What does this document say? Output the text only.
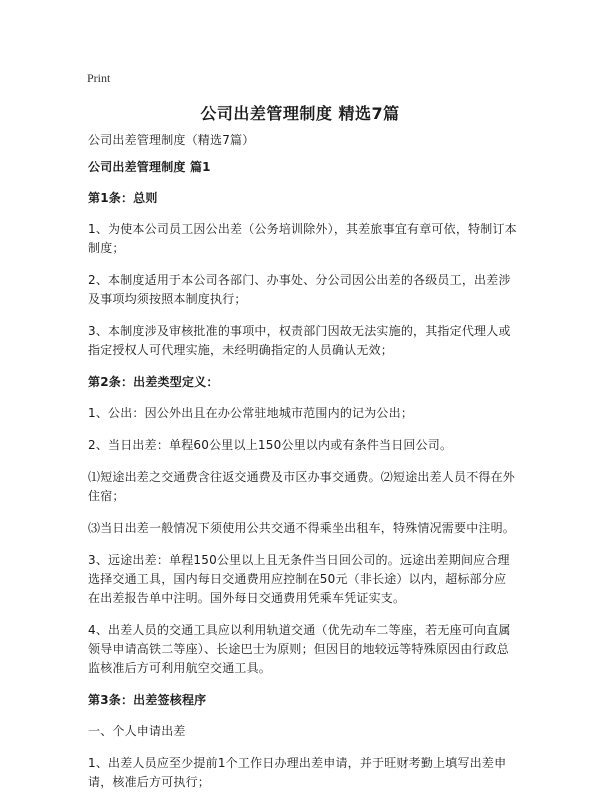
Print
公司出差管理制度 精选7篇

公司出差管理制度（精选7篇）

公司出差管理制度 篇1

第1条：总则

1、为使本公司员工因公出差（公务培训除外），其差旅事宜有章可依，特制订本制度；

2、本制度适用于本公司各部门、办事处、分公司因公出差的各级员工，出差涉及事项均须按照本制度执行；

3、本制度涉及审核批准的事项中，权责部门因故无法实施的，其指定代理人或指定授权人可代理实施，未经明确指定的人员确认无效；

第2条：出差类型定义：

1、公出：因公外出且在办公常驻地城市范围内的记为公出；

2、当日出差：单程60公里以上150公里以内或有条件当日回公司。

⑴短途出差之交通费含往返交通费及市区办事交通费。⑵短途出差人员不得在外住宿；

⑶当日出差一般情况下须使用公共交通不得乘坐出租车，特殊情况需要中注明。

3、远途出差：单程150公里以上且无条件当日回公司的。远途出差期间应合理选择交通工具，国内每日交通费用应控制在50元（非长途）以内，超标部分应在出差报告单中注明。国外每日交通费用凭乘车凭证实支。

4、出差人员的交通工具应以利用轨道交通（优先动车二等座，若无座可向直属领导申请高铁二等座）、长途巴士为原则；但因目的地较远等特殊原因由行政总监核准后方可利用航空交通工具。

第3条：出差签核程序

一、个人申请出差

1、出差人员应至少提前1个工作日办理出差申请，并于旺财考勤上填写出差申请，核准后方可执行；
